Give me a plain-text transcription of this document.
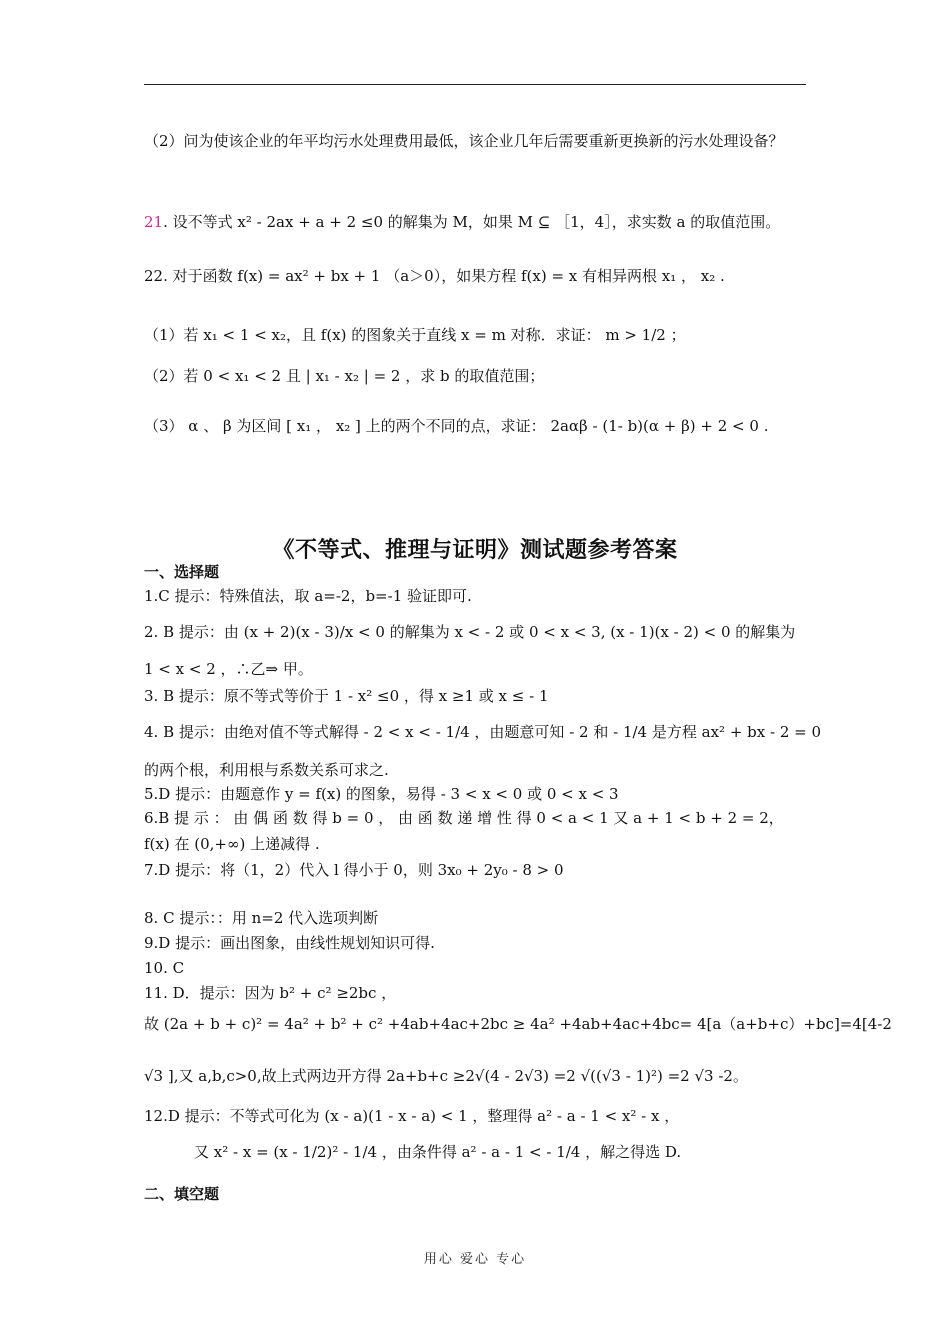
（2）问为使该企业的年平均污水处理费用最低，该企业几年后需要重新更换新的污水处理设备？
21. 设不等式 x² - 2ax + a + 2 ≤0 的解集为 M，如果 M ⊆ ［1，4］，求实数 a 的取值范围。
22. 对于函数 f(x) = ax² + bx + 1 （a＞0），如果方程 f(x) = x 有相异两根 x₁ ， x₂ .
（1）若 x₁ < 1 < x₂，且 f(x) 的图象关于直线 x = m 对称．求证： m > 1/2 ；
（2）若 0 < x₁ < 2 且 | x₁ - x₂ | = 2 ，求 b 的取值范围；
（3） α 、 β 为区间 [ x₁ ， x₂ ] 上的两个不同的点，求证： 2aαβ - (1- b)(α + β) + 2 < 0 .
《不等式、推理与证明》测试题参考答案
一、选择题
1.C 提示：特殊值法，取 a=-2，b=-1 验证即可.
2. B 提示：由 (x + 2)(x - 3)/x < 0 的解集为 x < - 2 或 0 < x < 3, (x - 1)(x - 2) < 0 的解集为
1 < x < 2 ，∴乙⇒ 甲。
3. B 提示：原不等式等价于 1 - x² ≤0 ，得 x ≥1 或 x ≤ - 1
4. B 提示：由绝对值不等式解得 - 2 < x < - 1/4 ，由题意可知 - 2 和 - 1/4 是方程 ax² + bx - 2 = 0
的两个根，利用根与系数关系可求之.
5.D 提示：由题意作 y = f(x) 的图象，易得 - 3 < x < 0 或 0 < x < 3
6.B 提 示 ： 由 偶 函 数 得 b = 0 ， 由 函 数 递 增 性 得 0 < a < 1 又 a + 1 < b + 2 = 2，
f(x) 在 (0,+∞) 上递减得 .
7.D 提示：将（1，2）代入 l 得小于 0，则 3x₀ + 2y₀ - 8 > 0
8. C 提示：：用 n=2 代入选项判断
9.D 提示：画出图象，由线性规划知识可得.
10. C
11. D．提示：因为 b² + c² ≥2bc ，
故 (2a + b + c)² = 4a² + b² + c² +4ab+4ac+2bc ≥ 4a² +4ab+4ac+4bc= 4[a（a+b+c）+bc]=4[4-2
√3 ],又 a,b,c>0,故上式两边开方得 2a+b+c ≥2√(4 - 2√3) =2 √((√3 - 1)²) =2 √3 -2。
12.D 提示：不等式可化为 (x - a)(1 - x - a) < 1 ，整理得 a² - a - 1 < x² - x ，
又 x² - x = (x - 1/2)² - 1/4 ，由条件得 a² - a - 1 < - 1/4 ，解之得选 D.
二、填空题
用心 爱心 专心
